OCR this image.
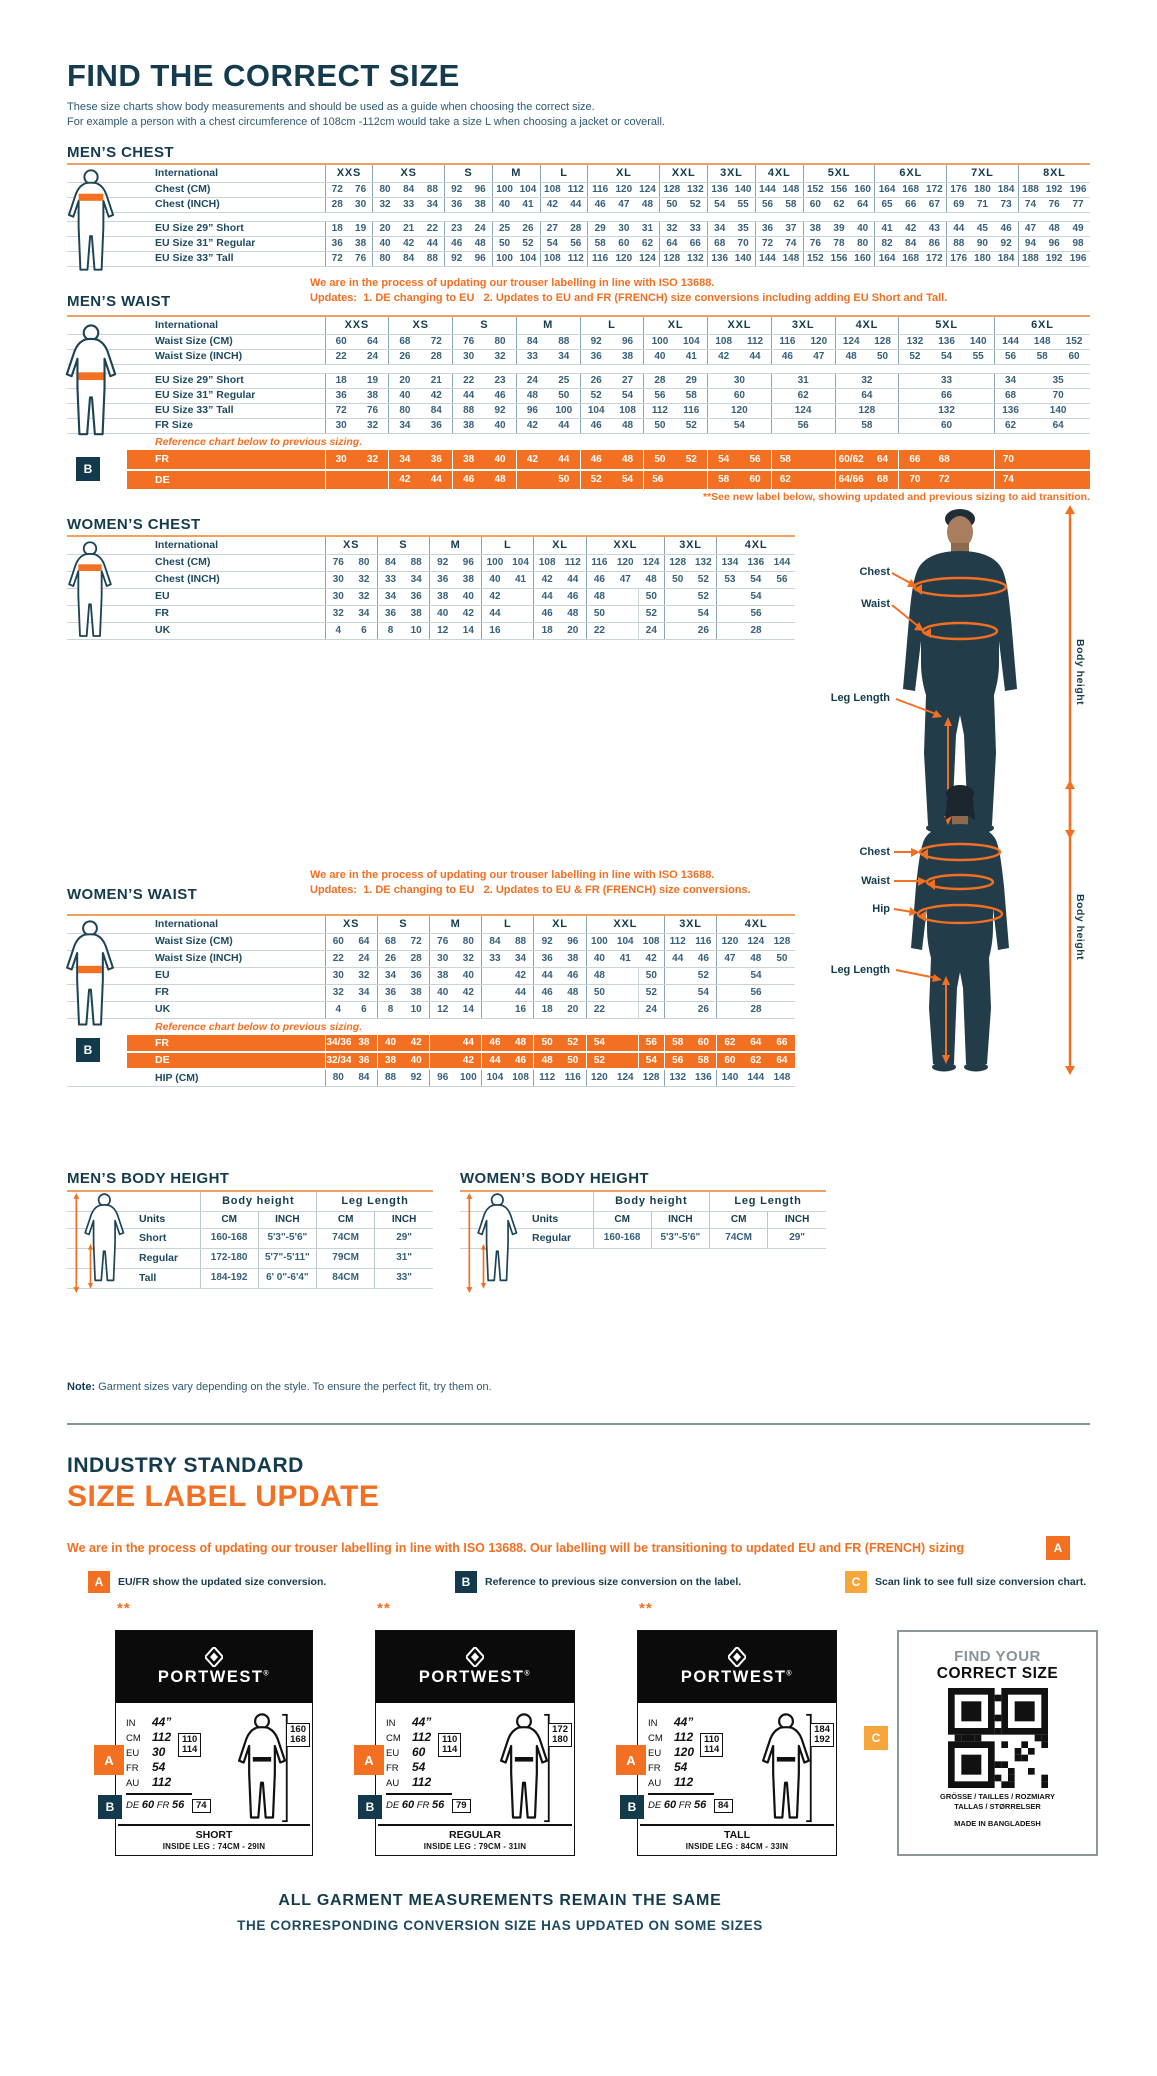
FIND THE CORRECT SIZE
These size charts show body measurements and should be used as a guide when choosing the correct size.
For example a person with a chest circumference of 108cm -112cm would take a size L when choosing a jacket or coverall.
MEN’S CHEST
International	XXS		XS			S		M		L		XL			XXL		3XL		4XL		5XL			6XL			7XL			8XL		
Chest (CM)	72	76	80	84	88	92	96	100	104	108	112	116	120	124	128	132	136	140	144	148	152	156	160	164	168	172	176	180	184	188	192	196
Chest (INCH)	28	30	32	33	34	36	38	40	41	42	44	46	47	48	50	52	54	55	56	58	60	62	64	65	66	67	69	71	73	74	76	77

EU Size 29” Short	18	19	20	21	22	23	24	25	26	27	28	29	30	31	32	33	34	35	36	37	38	39	40	41	42	43	44	45	46	47	48	49
EU Size 31” Regular	36	38	40	42	44	46	48	50	52	54	56	58	60	62	64	66	68	70	72	74	76	78	80	82	84	86	88	90	92	94	96	98
EU Size 33” Tall	72	76	80	84	88	92	96	100	104	108	112	116	120	124	128	132	136	140	144	148	152	156	160	164	168	172	176	180	184	188	192	196
MEN’S WAIST
We are in the process of updating our trouser labelling in line with ISO 13688.
Updates: 1. DE changing to EU 2. Updates to EU and FR (FRENCH) size conversions including adding EU Short and Tall.
International	XXS		XS		S		M		L		XL		XXL		3XL		4XL		5XL			6XL		
Waist Size (CM)	60	64	68	72	76	80	84	88	92	96	100	104	108	112	116	120	124	128	132	136	140	144	148	152
Waist Size (INCH)	22	24	26	28	30	32	33	34	36	38	40	41	42	44	46	47	48	50	52	54	55	56	58	60

EU Size 29” Short	18	19	20	21	22	23	24	25	26	27	28	29	30		31		32		33			34	35	
EU Size 31” Regular	36	38	40	42	44	46	48	50	52	54	56	58	60		62		64		66			68	70	
EU Size 33” Tall	72	76	80	84	88	92	96	100	104	108	112	116	120		124		128		132			136	140	
FR Size	30	32	34	36	38	40	42	44	46	48	50	52	54		56		58		60			62	64	
Reference chart below to previous sizing.																								
FR	30	32	34	36	38	40	42	44	46	48	50	52	54	56	58		60/62	64	66	68		70		
DE			42	44	46	48		50	52	54	56		58	60	62		64/66	68	70	72		74		
B
**See new label below, showing updated and previous sizing to aid transition.
WOMEN’S CHEST
International	XS		S		M		L		XL		XXL			3XL		4XL		
Chest (CM)	76	80	84	88	92	96	100	104	108	112	116	120	124	128	132	134	136	144
Chest (INCH)	30	32	33	34	36	38	40	41	42	44	46	47	48	50	52	53	54	56
EU	30	32	34	36	38	40	42		44	46	48		50		52	54		
FR	32	34	36	38	40	42	44		46	48	50		52		54	56		
UK	4	6	8	10	12	14	16		18	20	22		24		26	28		
Chest
Waist
Leg Length	Body height
WOMEN’S WAIST
We are in the process of updating our trouser labelling in line with ISO 13688.
Updates: 1. DE changing to EU 2. Updates to EU & FR (FRENCH) size conversions.
International	XS		S		M		L		XL		XXL			3XL		4XL		
Waist Size (CM)	60	64	68	72	76	80	84	88	92	96	100	104	108	112	116	120	124	128
Waist Size (INCH)	22	24	26	28	30	32	33	34	36	38	40	41	42	44	46	47	48	50
EU	30	32	34	36	38	40		42	44	46	48		50		52	54		
FR	32	34	36	38	40	42		44	46	48	50		52		54	56		
UK	4	6	8	10	12	14		16	18	20	22		24		26	28		
Reference chart below to previous sizing.																		
FR	34/36	38	40	42		44	46	48	50	52	54		56	58	60	62	64	66
DE	32/34	36	38	40		42	44	46	48	50	52		54	56	58	60	62	64
HIP (CM)	80	84	88	92	96	100	104	108	112	116	120	124	128	132	136	140	144	148
B
Chest
Waist
Hip
Leg Length
Body height
MEN’S BODY HEIGHT
	Body height		Leg Length	
Units	CM	INCH	CM	INCH
Short	160-168	5'3"-5'6"	74CM	29"
Regular	172-180	5'7"-5'11"	79CM	31"
Tall	184-192	6' 0"-6'4"	84CM	33"
WOMEN’S BODY HEIGHT
	Body height		Leg Length	
Units	CM	INCH	CM	INCH
Regular	160-168	5'3"-5'6"	74CM	29"
Note: Garment sizes vary depending on the style. To ensure the perfect fit, try them on.
INDUSTRY STANDARD
SIZE LABEL UPDATE
We are in the process of updating our trouser labelling in line with ISO 13688. Our labelling will be transitioning to updated EU and FR (FRENCH) sizing	A
A	EU/FR show the updated size conversion.	B	Reference to previous size conversion on the label.	C	Scan link to see full size conversion chart.
**	**	**
PORTWEST®
IN	44”
CM 112
EU	30
FR	54
AU	112
DE 60 FR 56
110
114
160
168
74
A
B
SHORT
INSIDE LEG : 74CM - 29IN
PORTWEST®
IN	44”
CM 112
EU	60
FR	54
AU	112
DE 60 FR 56
110
114
172
180
79
A
B
REGULAR
INSIDE LEG : 79CM - 31IN
PORTWEST®
IN	44”
CM 112
EU	120
FR	54
AU	112
DE 60 FR 56
110
114
184
192
84
A
B
TALL
INSIDE LEG : 84CM - 33IN
FIND YOUR
CORRECT SIZE
GRÖSSE / TAILLES / ROZMIARY
TALLAS / STØRRELSER
MADE IN BANGLADESH
C
ALL GARMENT MEASUREMENTS REMAIN THE SAME
THE CORRESPONDING CONVERSION SIZE HAS UPDATED ON SOME SIZES
